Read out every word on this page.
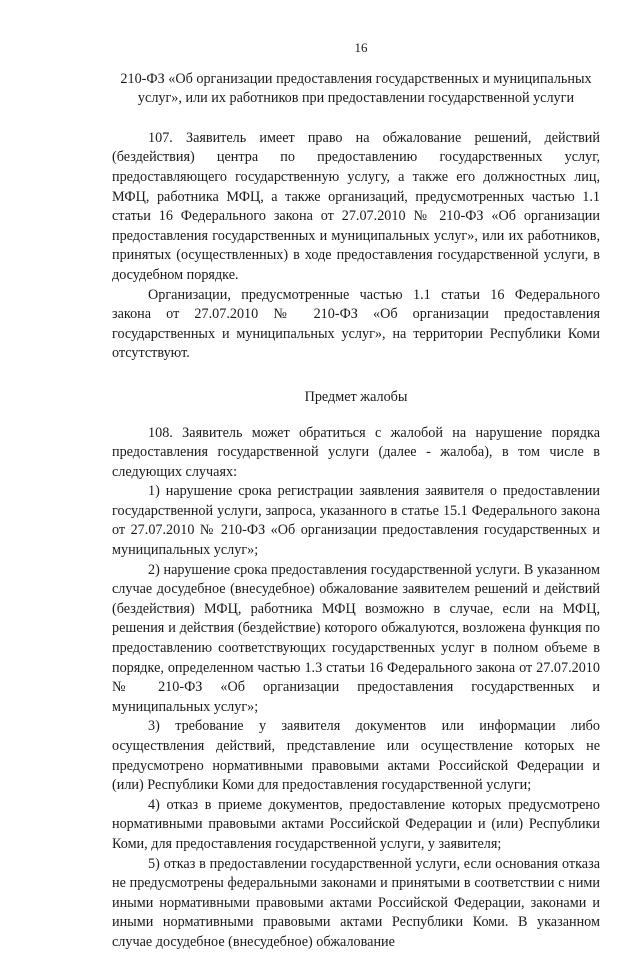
16
210-ФЗ «Об организации предоставления государственных и муниципальных услуг», или их работников при предоставлении государственной услуги

107. Заявитель имеет право на обжалование решений, действий (бездействия) центра по предоставлению государственных услуг, предоставляющего государственную услугу, а также его должностных лиц, МФЦ, работника МФЦ, а также организаций, предусмотренных частью 1.1 статьи 16 Федерального закона от 27.07.2010 № 210-ФЗ «Об организации предоставления государственных и муниципальных услуг», или их работников, принятых (осуществленных) в ходе предоставления государственной услуги, в досудебном порядке.

Организации, предусмотренные частью 1.1 статьи 16 Федерального закона от 27.07.2010 № 210-ФЗ «Об организации предоставления государственных и муниципальных услуг», на территории Республики Коми отсутствуют.

Предмет жалобы

108. Заявитель может обратиться с жалобой на нарушение порядка предоставления государственной услуги (далее - жалоба), в том числе в следующих случаях:

1) нарушение срока регистрации заявления заявителя о предоставлении государственной услуги, запроса, указанного в статье 15.1 Федерального закона от 27.07.2010 № 210-ФЗ «Об организации предоставления государственных и муниципальных услуг»;

2) нарушение срока предоставления государственной услуги. В указанном случае досудебное (внесудебное) обжалование заявителем решений и действий (бездействия) МФЦ, работника МФЦ возможно в случае, если на МФЦ, решения и действия (бездействие) которого обжалуются, возложена функция по предоставлению соответствующих государственных услуг в полном объеме в порядке, определенном частью 1.3 статьи 16 Федерального закона от 27.07.2010 № 210-ФЗ «Об организации предоставления государственных и муниципальных услуг»;

3) требование у заявителя документов или информации либо осуществления действий, представление или осуществление которых не предусмотрено нормативными правовыми актами Российской Федерации и (или) Республики Коми для предоставления государственной услуги;

4) отказ в приеме документов, предоставление которых предусмотрено нормативными правовыми актами Российской Федерации и (или) Республики Коми, для предоставления государственной услуги, у заявителя;

5) отказ в предоставлении государственной услуги, если основания отказа не предусмотрены федеральными законами и принятыми в соответствии с ними иными нормативными правовыми актами Российской Федерации, законами и иными нормативными правовыми актами Республики Коми. В указанном случае досудебное (внесудебное) обжалование
